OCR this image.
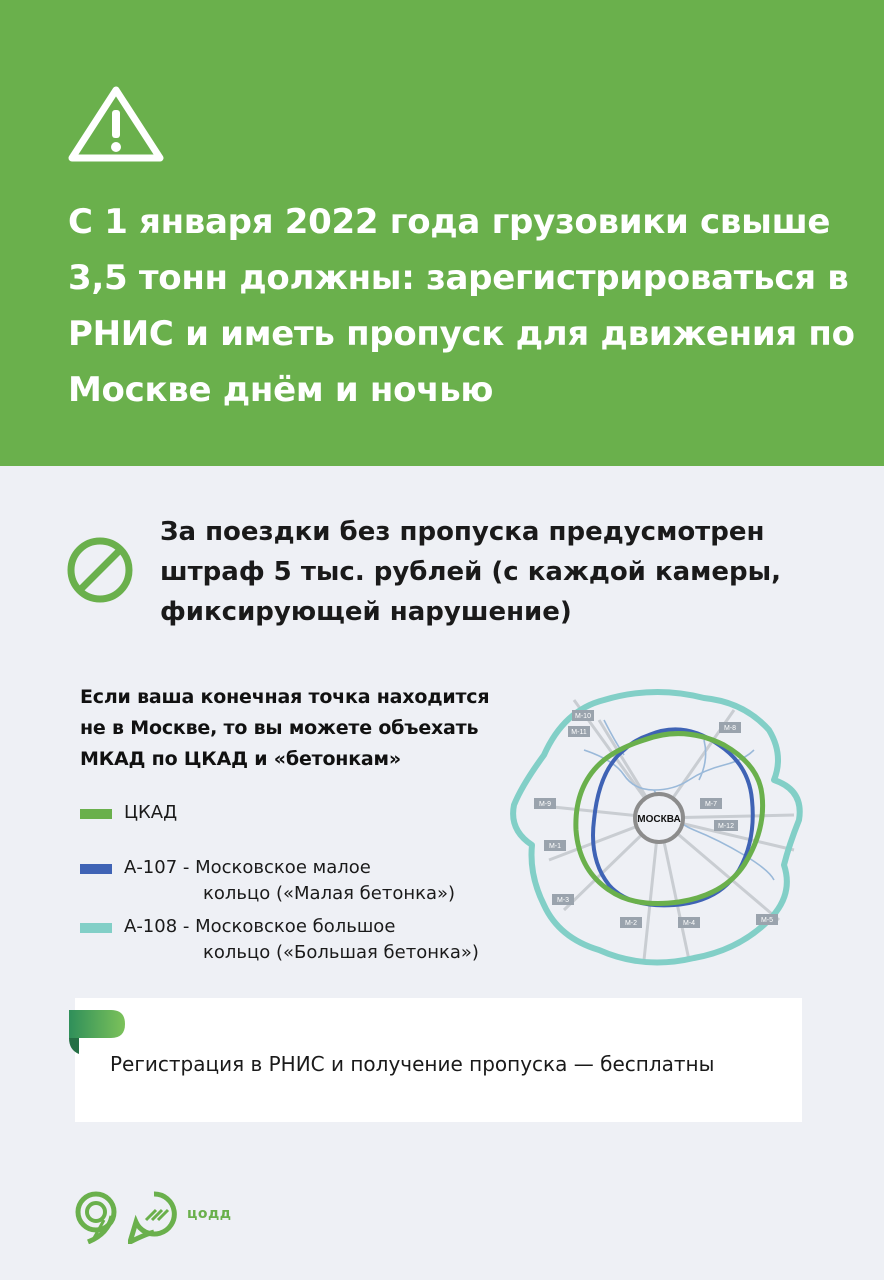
С 1 января 2022 года грузовики свыше 3,5 тонн должны: зарегистрироваться в РНИС и иметь пропуск для движения по Москве днём и ночью
За поездки без пропуска предусмотрен штраф 5 тыс. рублей (с каждой камеры, фиксирующей нарушение)
Если ваша конечная точка находится не в Москве, то вы можете объехать МКАД по ЦКАД и «бетонкам»
ЦКАД
А-107 - Московское малое
кольцо («Малая бетонка»)
А-108 - Московское большое
кольцо («Большая бетонка»)
МОСКВА
М-10
М-11
М-8
М-9	М-7
М-12
М-1
М-3
М-2	М-4	М-5
Регистрация в РНИС и получение пропуска — бесплатны
цодд
